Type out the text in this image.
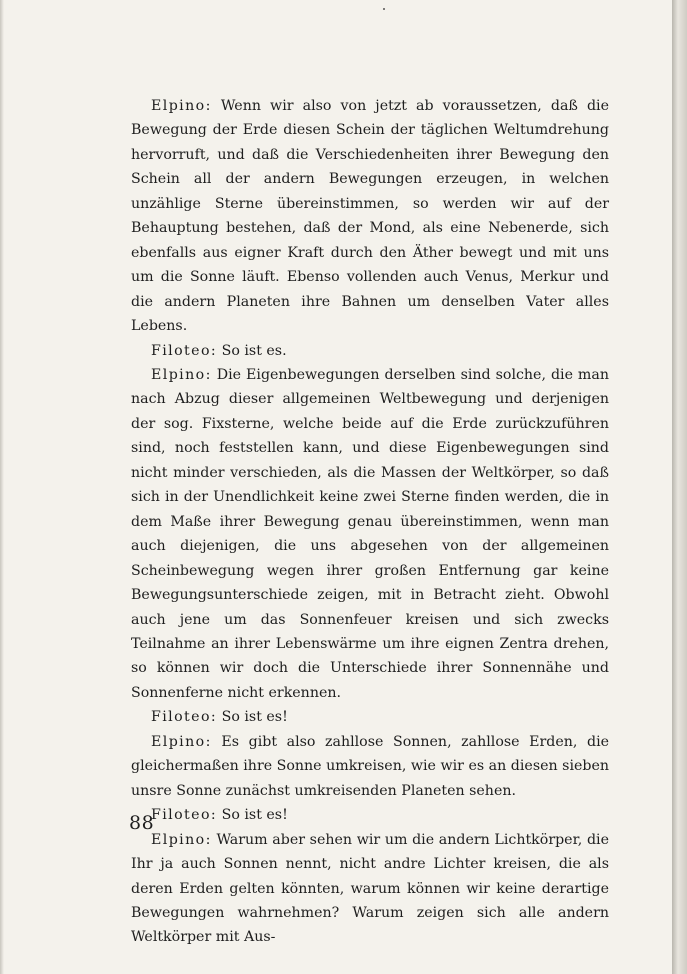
Elpino: Wenn wir also von jetzt ab voraussetzen, daß die Bewegung der Erde diesen Schein der täglichen Weltumdrehung hervorruft, und daß die Verschiedenheiten ihrer Bewegung den Schein all der andern Bewegungen erzeugen, in welchen unzählige Sterne übereinstimmen, so werden wir auf der Behauptung bestehen, daß der Mond, als eine Nebenerde, sich ebenfalls aus eigner Kraft durch den Äther bewegt und mit uns um die Sonne läuft. Ebenso vollenden auch Venus, Merkur und die andern Planeten ihre Bahnen um denselben Vater alles Lebens.

Filoteo: So ist es.

Elpino: Die Eigenbewegungen derselben sind solche, die man nach Abzug dieser allgemeinen Weltbewegung und derjenigen der sog. Fixsterne, welche beide auf die Erde zurückzuführen sind, noch feststellen kann, und diese Eigenbewegungen sind nicht minder verschieden, als die Massen der Weltkörper, so daß sich in der Unendlichkeit keine zwei Sterne finden werden, die in dem Maße ihrer Bewegung genau übereinstimmen, wenn man auch diejenigen, die uns abgesehen von der allgemeinen Scheinbewegung wegen ihrer großen Entfernung gar keine Bewegungsunterschiede zeigen, mit in Betracht zieht. Obwohl auch jene um das Sonnenfeuer kreisen und sich zwecks Teilnahme an ihrer Lebenswärme um ihre eignen Zentra drehen, so können wir doch die Unterschiede ihrer Sonnennähe und Sonnenferne nicht erkennen.

Filoteo: So ist es!

Elpino: Es gibt also zahllose Sonnen, zahllose Erden, die gleichermaßen ihre Sonne umkreisen, wie wir es an diesen sieben unsre Sonne zunächst umkreisenden Planeten sehen.

Filoteo: So ist es!

Elpino: Warum aber sehen wir um die andern Lichtkörper, die Ihr ja auch Sonnen nennt, nicht andre Lichter kreisen, die als deren Erden gelten könnten, warum können wir keine derartige Bewegungen wahrnehmen? Warum zeigen sich alle andern Weltkörper mit Aus-

88
